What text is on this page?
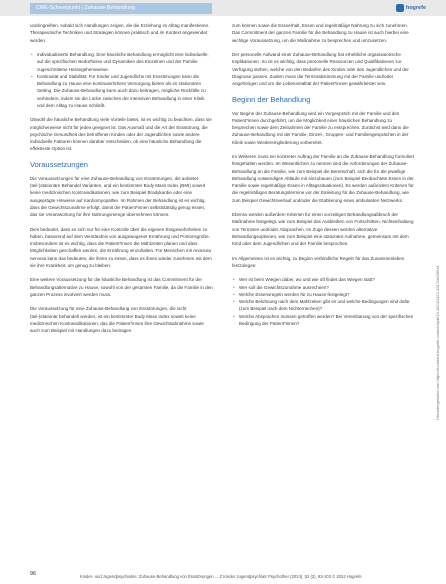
CME-Schwerpunkt | Zuhause-Behandlung	hogrefe

undringreiften, sobald sich Handlungen zeigen, die die Erziehung im Alltag manifestieren. Therapeutische Techniken und Strategien können praktisch und im Kontext angewendet werden.

• Individualisierte Behandlung: Eine häusliche Behandlung ermöglicht eine individuelle, auf die spezifischen Bedürfnisse und Dynamiken des Einzelnen und der Familie zugeschnittene Herangehensweise.
• Kontinuität und Stabilität: Für Kinder und Jugendliche mit Essstörungen kann die Behandlung zu Hause eine kontinuierlichere Versorgung bieten als im stationären Setting. Die Zuhause-Behandlung kann auch dazu beitragen, mögliche Rückfälle zu verhindern, indem sie die Lücke zwischen der intensiven Behandlung in einer Klinik und dem Alltag zu Hause schließt.

Obwohl die häusliche Behandlung viele Vorteile bietet, ist es wichtig zu beachten, dass sie möglicherweise nicht für jeden geeignet ist. Das Ausmaß und die Art der Essstörung, die psychische Gesundheit des betroffenen Kindes oder der Jugendlichen sowie andere individuelle Faktoren können darüber entscheiden, ob eine häusliche Behandlung die effektivste Option ist.

Voraussetzungen

Die Voraussetzungen für eine Zuhause-Behandlung von Essstörungen, die anbietet (teil-)stationäre Behandel Varianten, und ein bestimmter Body Mass Index (BMI) soweit keine medizinischen Kontraindikationen, wie zum Beispiel Bradykardie oder eine ausgeprägte Hinweise auf Kardiomyopathie. Im Rahmen der Behandlung ist es wichtig, dass die Gewichtszunahme erfolgt, damit die Patient*innen selbstständig genug essen, das sie Verantwortung für ihre Nahrungsmenge übernehmen können.

Dies bedeutet, dass es sich nur für eine Kontrolle über die eigenen Essgewohnheiten zu haben, basierend auf dem Verständnis von ausgewogener Ernährung und Portionsgröße. Insbesondere ist es wichtig, dass die Patient*innen die Mahlzeiten planen und dass Möglichkeiten geschaffen werden, die Ernährung einzuhalten. Für Menschen mit Anorexia nervosa kann das bedeuten, die ihnen zu essen, dass es ihnen wieder zunehmen mit dem sie ihre Krankheit, um genug zu bleiben.

Eine weitere Voraussetzung für die häusliche Behandlung ist das Commitment für die Behandlungsalternative zu Hause, sowohl von der gesamten Familie, da die Familie in den ganzen Prozess involviert werden muss.

Die Voraussetzung für eine Zuhause-Behandlung von Essstörungen, die nicht (teil-)stationär behandelt werden, ist ein bestimmter Body Mass Index soweit keine medizinischen Kontraindikationen, das die Patient*innen ihre Gewichtsabnahme sowie auch zum Beispiel mit Handlungen dazu beitragen

zum können sowie die Essverhalt, Essen und regelmäßige Nahrung zu sich zunehmen. Das Commitment der ganzen Familie für die Behandlung zu Hause ist auch hierbei eine wichtige Voraussetzung, um die Maßnahme zu besprechen und umzusetzen.

Der personelle Aufwand einer Zuhause-Behandlung hat erhebliche organisatorische Implikationen. So ist es wichtig, dass personelle Ressourcen und Qualifikationen zur Verfügung stehen, welche von den Bedarfen des Kindes oder des Jugendlichen und der Diagnose passen. Zudem muss die Terminabstimmung mit der Familie und/oder Angehörigen und um die Lebensrealität der Patient*innen gewährleistet sein.

Beginn der Behandlung

Vor Beginn der Zuhause-Behandlung wird ein Vorgespräch mit der Familie und den Patient*innen durchgeführt, um die Möglichkeit einer häuslichen Behandlung zu besprechen sowie dem Zeitrahmen der Familie zu entsprechen. Zunächst wird dann die Zuhause-Behandlung mit der Familie, Einzel-, Gruppen- und Familiengesprächen in der Klinik sowie Wiedereingliederung vorbereitet.

Im Weiteren muss ein konkreter Auftrag der Familie an die Zuhause-Behandlung formuliert festgehalten werden. Im Wesentlichen zu nennen sind die Anforderungen der Zuhause-Behandlung an die Familie, wie zum Beispiel die Bereitschaft, sich die für die jeweilige Behandlung notwendigen Abläufe mit einzubauen (zum Beispiel Beobachtete Essen in der Familie sowie regelmäßige Essen in Alltagssituationen). Es werden außerdem Kriterien für die regelmäßigen Beratungstermine vor der Einleitung für die Zuhause-Behandlung, wie zum Beispiel Gewichtsverlauf und/oder die Etablierung eines ambulanten Netzwerks.

Ebenso werden außerdem Kriterien für einen vorzeitigen Behandlungsabbruch der Maßnahme festgelegt, wie zum Beispiel das Ausbleiben von Fortschritten, Nichteinhaltung von Terminen und/oder Absprachen. Im Zuge dessen werden alternative Behandlungsoptionen, wie zum Beispiel eine stationäre Aufnahme, gemeinsam mit dem Kind oder dem Jugendlichen und der Familie besprochen.

Im Allgemeinen ist es wichtig, zu Beginn verbindliche Regeln für das Zusammenleben festzulegen:

• Wer ist beim Wiegen dabei, wo und wie oft findet das Wiegen statt?
• Wer soll die Gewichtszunahme ausrechnen?
• Welche Essensregeln werden für zu Hause festgelegt?
• Welche Belohnung nach dem Mahlzeiten gibt es und welche Bedingungen sind dafür (zum Beispiel nach dem Nichterreichen)?
• Welche Absprachen müssen getroffen werden? Bei Vereinbarung von der spezifischen Bedingung der Patient*innen?	Heruntergeladen von https://econtent.hogrefe.com/doi/pdf/10.1024/1422-4917/a000941
96	Kinder- und Jugendpsychiatrie: Zuhause-Behandlung von Essstörungen ... Z Kinder Jugendpsychiatr Psychother (2024), 52 (2), 93-103 © 2024 Hogrefe
